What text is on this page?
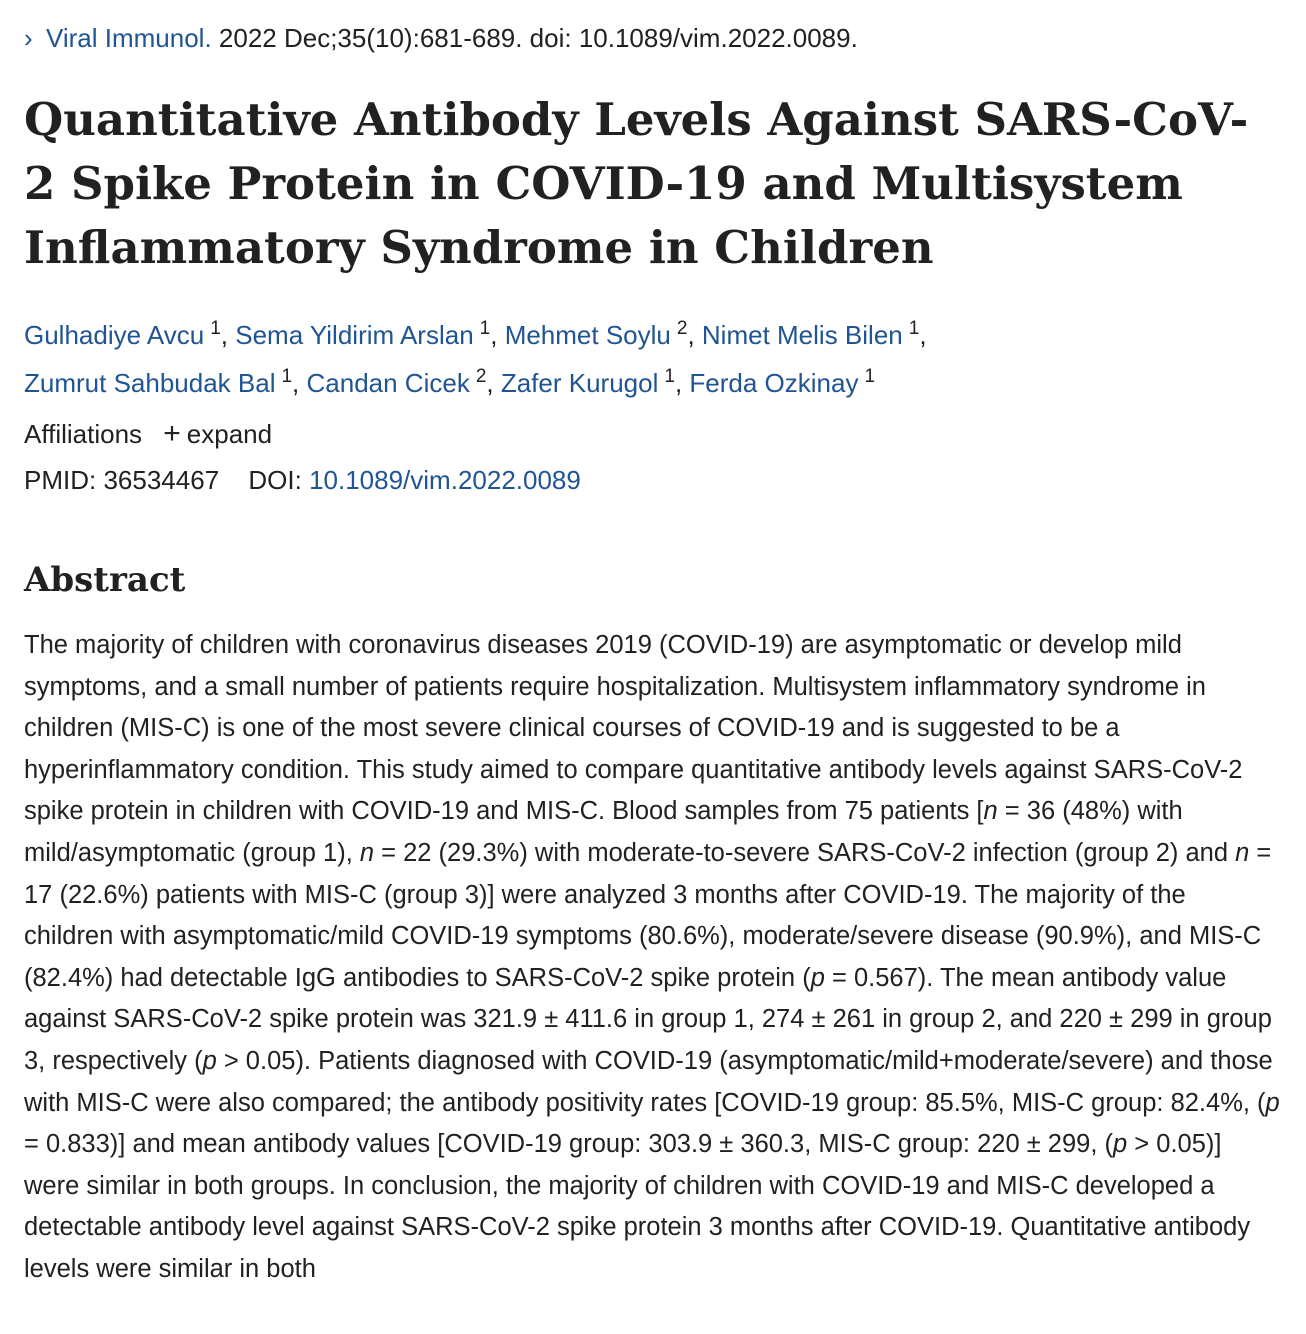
› Viral Immunol. 2022 Dec;35(10):681-689. doi: 10.1089/vim.2022.0089.
Quantitative Antibody Levels Against SARS-CoV-2 Spike Protein in COVID-19 and Multisystem Inflammatory Syndrome in Children
Gulhadiye Avcu $^1$, Sema Yildirim Arslan $^1$, Mehmet Soylu $^2$, Nimet Melis Bilen $^1$,
Zumrut Sahbudak Bal $^1$, Candan Cicek $^2$, Zafer Kurugol $^1$, Ferda Ozkinay $^1$
Affiliations + expand
PMID: 36534467 DOI: 10.1089/vim.2022.0089
Abstract

The majority of children with coronavirus diseases 2019 (COVID-19) are asymptomatic or develop mild symptoms, and a small number of patients require hospitalization. Multisystem inflammatory syndrome in children (MIS-C) is one of the most severe clinical courses of COVID-19 and is suggested to be a hyperinflammatory condition. This study aimed to compare quantitative antibody levels against SARS-CoV-2 spike protein in children with COVID-19 and MIS-C. Blood samples from 75 patients [n = 36 (48%) with mild/asymptomatic (group 1), n = 22 (29.3%) with moderate-to-severe SARS-CoV-2 infection (group 2) and n = 17 (22.6%) patients with MIS-C (group 3)] were analyzed 3 months after COVID-19. The majority of the children with asymptomatic/mild COVID-19 symptoms (80.6%), moderate/severe disease (90.9%), and MIS-C (82.4%) had detectable IgG antibodies to SARS-CoV-2 spike protein (p = 0.567). The mean antibody value against SARS-CoV-2 spike protein was 321.9 ± 411.6 in group 1, 274 ± 261 in group 2, and 220 ± 299 in group 3, respectively (p > 0.05). Patients diagnosed with COVID-19 (asymptomatic/mild+moderate/severe) and those with MIS-C were also compared; the antibody positivity rates [COVID-19 group: 85.5%, MIS-C group: 82.4%, (p = 0.833)] and mean antibody values [COVID-19 group: 303.9 ± 360.3, MIS-C group: 220 ± 299, (p > 0.05)] were similar in both groups. In conclusion, the majority of children with COVID-19 and MIS-C developed a detectable antibody level against SARS-CoV-2 spike protein 3 months after COVID-19. Quantitative antibody levels were similar in both
